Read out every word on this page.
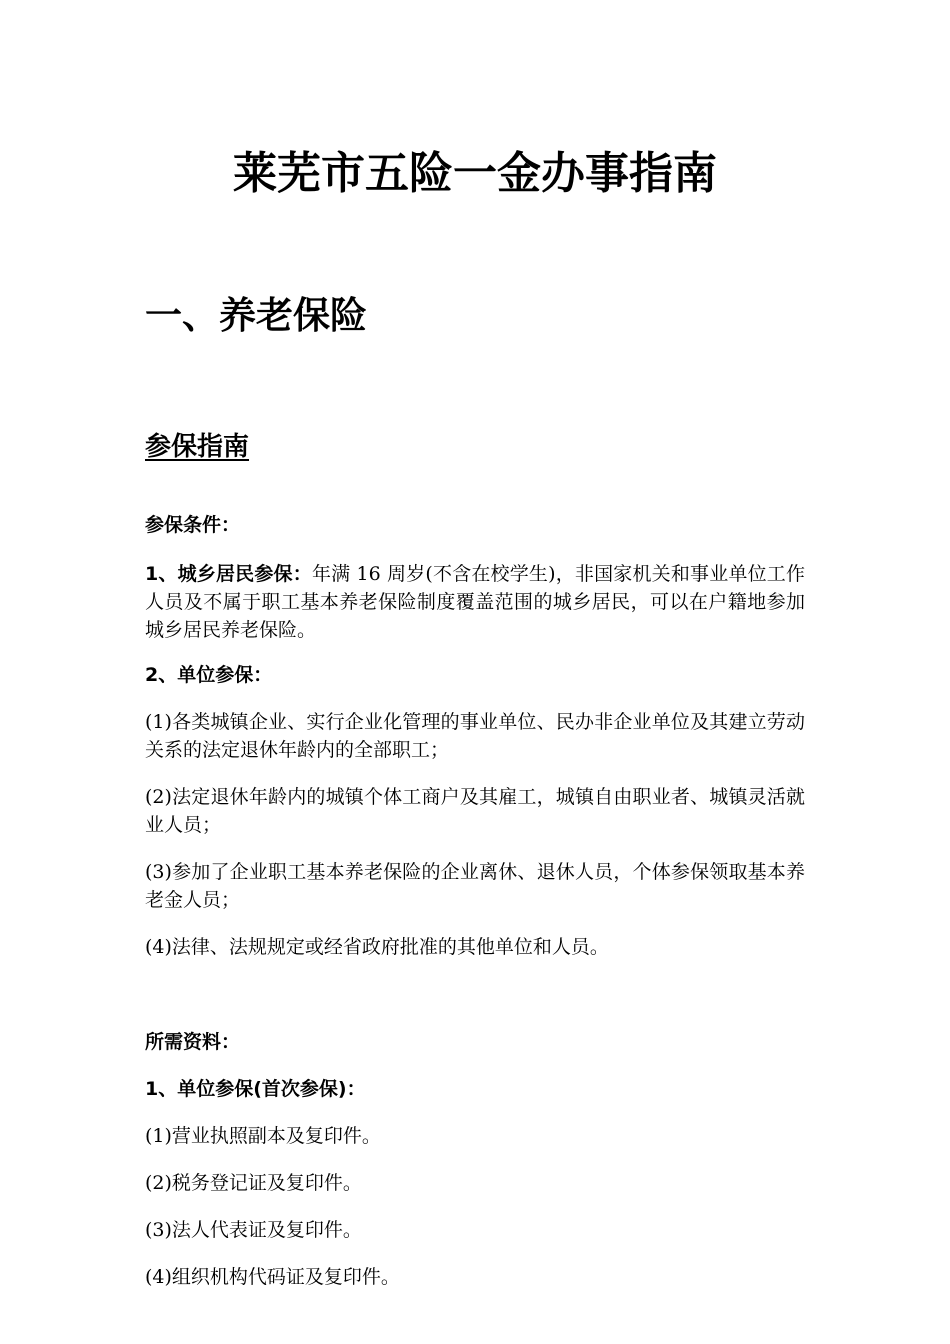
莱芜市五险一金办事指南
一、养老保险
参保指南
参保条件：

1、城乡居民参保：年满 16 周岁(不含在校学生)，非国家机关和事业单位工作人员及不属于职工基本养老保险制度覆盖范围的城乡居民，可以在户籍地参加城乡居民养老保险。

2、单位参保：

(1)各类城镇企业、实行企业化管理的事业单位、民办非企业单位及其建立劳动关系的法定退休年龄内的全部职工；

(2)法定退休年龄内的城镇个体工商户及其雇工，城镇自由职业者、城镇灵活就业人员；

(3)参加了企业职工基本养老保险的企业离休、退休人员，个体参保领取基本养老金人员；

(4)法律、法规规定或经省政府批准的其他单位和人员。

所需资料：
1、单位参保(首次参保)：

(1)营业执照副本及复印件。

(2)税务登记证及复印件。

(3)法人代表证及复印件。

(4)组织机构代码证及复印件。
